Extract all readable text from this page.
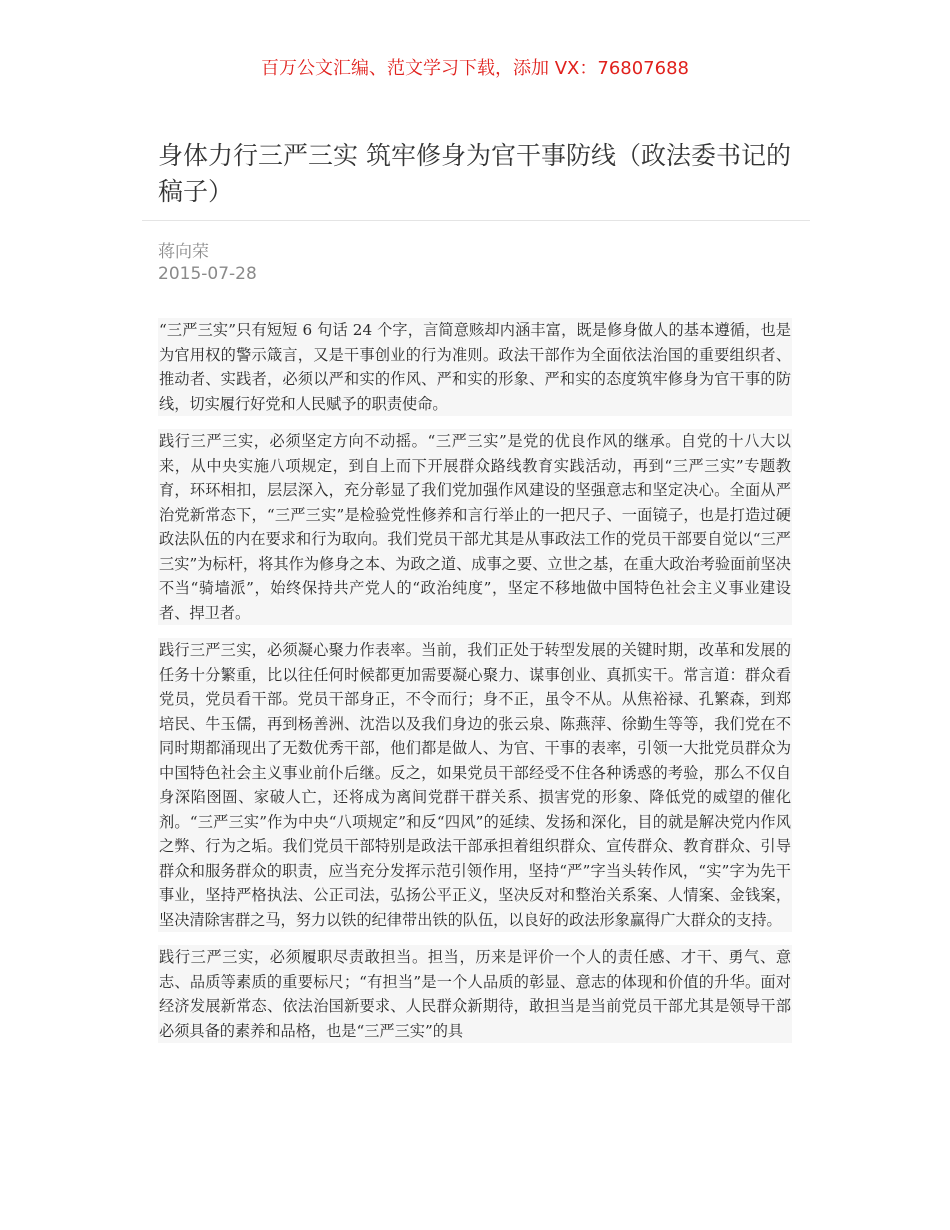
百万公文汇编、范文学习下载，添加 VX：76807688
身体力行三严三实 筑牢修身为官干事防线（政法委书记的稿子）
蒋向荣
2015-07-28

“三严三实”只有短短 6 句话 24 个字，言简意赅却内涵丰富，既是修身做人的基本遵循，也是为官用权的警示箴言，又是干事创业的行为准则。政法干部作为全面依法治国的重要组织者、推动者、实践者，必须以严和实的作风、严和实的形象、严和实的态度筑牢修身为官干事的防线，切实履行好党和人民赋予的职责使命。

践行三严三实，必须坚定方向不动摇。“三严三实”是党的优良作风的继承。自党的十八大以来，从中央实施八项规定，到自上而下开展群众路线教育实践活动，再到“三严三实”专题教育，环环相扣，层层深入，充分彰显了我们党加强作风建设的坚强意志和坚定决心。全面从严治党新常态下，“三严三实”是检验党性修养和言行举止的一把尺子、一面镜子，也是打造过硬政法队伍的内在要求和行为取向。我们党员干部尤其是从事政法工作的党员干部要自觉以“三严三实”为标杆，将其作为修身之本、为政之道、成事之要、立世之基，在重大政治考验面前坚决不当“骑墙派”，始终保持共产党人的“政治纯度”，坚定不移地做中国特色社会主义事业建设者、捍卫者。

践行三严三实，必须凝心聚力作表率。当前，我们正处于转型发展的关键时期，改革和发展的任务十分繁重，比以往任何时候都更加需要凝心聚力、谋事创业、真抓实干。常言道：群众看党员，党员看干部。党员干部身正，不令而行；身不正，虽令不从。从焦裕禄、孔繁森，到郑培民、牛玉儒，再到杨善洲、沈浩以及我们身边的张云泉、陈燕萍、徐勤生等等，我们党在不同时期都涌现出了无数优秀干部，他们都是做人、为官、干事的表率，引领一大批党员群众为中国特色社会主义事业前仆后继。反之，如果党员干部经受不住各种诱惑的考验，那么不仅自身深陷囹圄、家破人亡，还将成为离间党群干群关系、损害党的形象、降低党的威望的催化剂。“三严三实”作为中央“八项规定”和反“四风”的延续、发扬和深化，目的就是解决党内作风之弊、行为之垢。我们党员干部特别是政法干部承担着组织群众、宣传群众、教育群众、引导群众和服务群众的职责，应当充分发挥示范引领作用，坚持“严”字当头转作风，“实”字为先干事业，坚持严格执法、公正司法，弘扬公平正义，坚决反对和整治关系案、人情案、金钱案，坚决清除害群之马，努力以铁的纪律带出铁的队伍，以良好的政法形象赢得广大群众的支持。

践行三严三实，必须履职尽责敢担当。担当，历来是评价一个人的责任感、才干、勇气、意志、品质等素质的重要标尺；“有担当”是一个人品质的彰显、意志的体现和价值的升华。面对经济发展新常态、依法治国新要求、人民群众新期待，敢担当是当前党员干部尤其是领导干部必须具备的素养和品格，也是“三严三实”的具
